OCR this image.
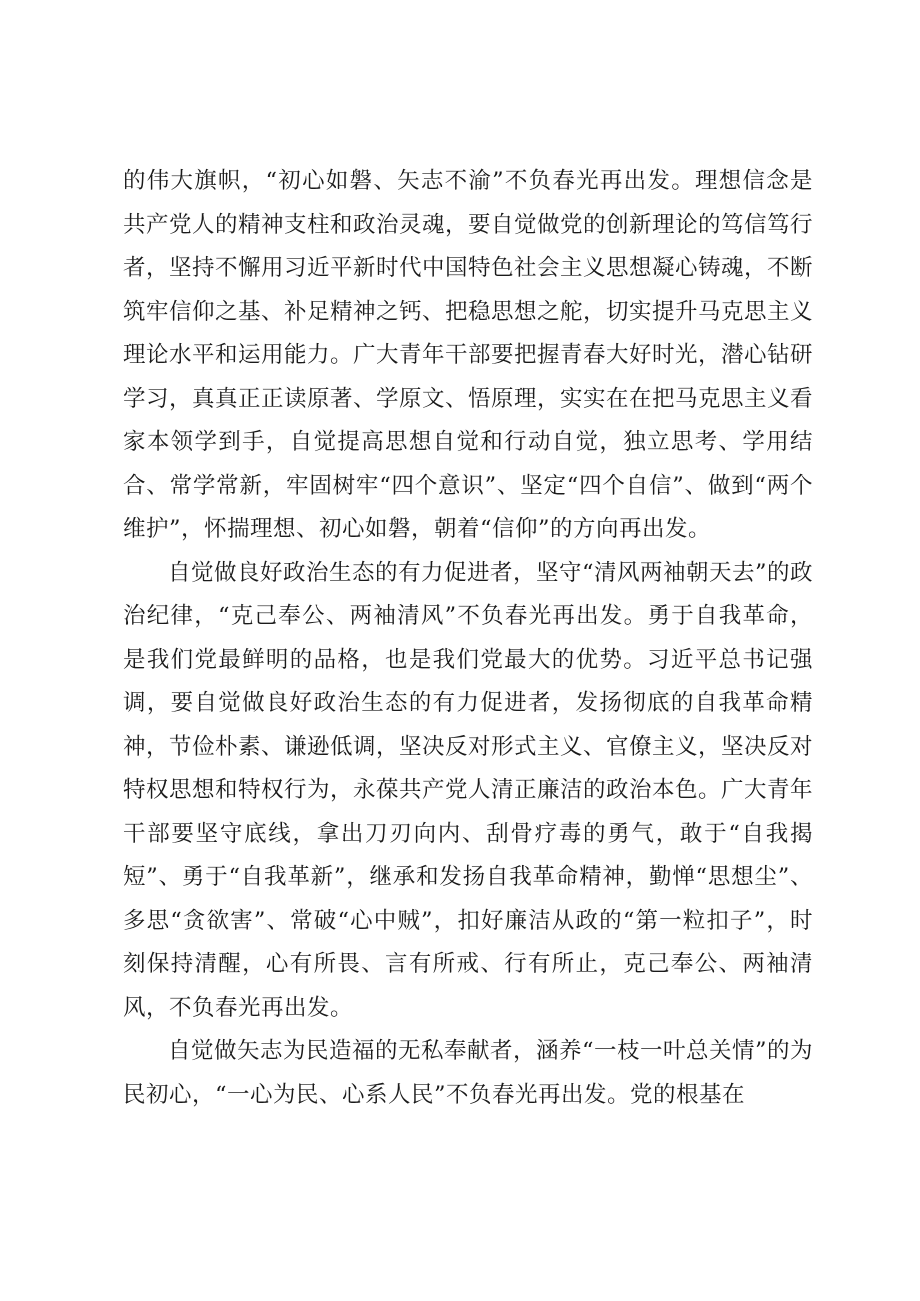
的伟大旗帜，“初心如磐、矢志不渝”不负春光再出发。理想信念是共产党人的精神支柱和政治灵魂，要自觉做党的创新理论的笃信笃行者，坚持不懈用习近平新时代中国特色社会主义思想凝心铸魂，不断筑牢信仰之基、补足精神之钙、把稳思想之舵，切实提升马克思主义理论水平和运用能力。广大青年干部要把握青春大好时光，潜心钻研学习，真真正正读原著、学原文、悟原理，实实在在把马克思主义看家本领学到手，自觉提高思想自觉和行动自觉，独立思考、学用结合、常学常新，牢固树牢“四个意识”、坚定“四个自信”、做到“两个维护”，怀揣理想、初心如磐，朝着“信仰”的方向再出发。

自觉做良好政治生态的有力促进者，坚守“清风两袖朝天去”的政治纪律，“克己奉公、两袖清风”不负春光再出发。勇于自我革命，是我们党最鲜明的品格，也是我们党最大的优势。习近平总书记强调，要自觉做良好政治生态的有力促进者，发扬彻底的自我革命精神，节俭朴素、谦逊低调，坚决反对形式主义、官僚主义，坚决反对特权思想和特权行为，永葆共产党人清正廉洁的政治本色。广大青年干部要坚守底线，拿出刀刃向内、刮骨疗毒的勇气，敢于“自我揭短”、勇于“自我革新”，继承和发扬自我革命精神，勤惮“思想尘”、多思“贪欲害”、常破“心中贼”，扣好廉洁从政的“第一粒扣子”，时刻保持清醒，心有所畏、言有所戒、行有所止，克己奉公、两袖清风，不负春光再出发。

自觉做矢志为民造福的无私奉献者，涵养“一枝一叶总关情”的为民初心，“一心为民、心系人民”不负春光再出发。党的根基在
